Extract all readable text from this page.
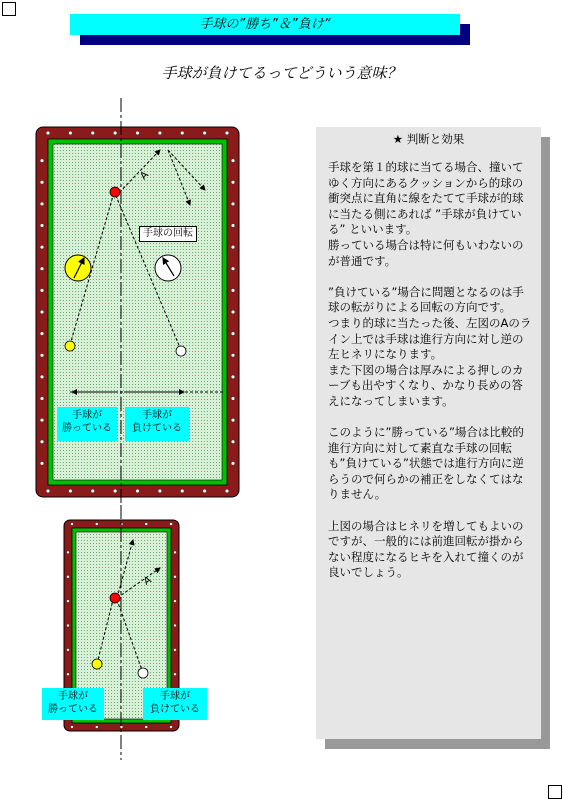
手球の”勝ち”＆”負け”
手球が負けてるってどういう意味？
A
A
手球の回転
手球が
勝っている
手球が
負けている
手球が
勝っている
手球が
負けている
★ 判断と効果
手球を第１的球に当てる場合、撞いてゆく方向にあるクッションから的球の衝突点に直角に線をたてて手球が的球に当たる側にあれば ”手球が負けている” といいます。
勝っている場合は特に何もいわないのが普通です。

”負けている”場合に問題となるのは手球の転がりによる回転の方向です。
つまり的球に当たった後、左図のAのライン上では手球は進行方向に対し逆の左ヒネリになります。
また下図の場合は厚みによる押しのカーブも出やすくなり、かなり長めの答えになってしまいます。

このように”勝っている”場合は比較的進行方向に対して素直な手球の回転も”負けている”状態では進行方向に逆らうので何らかの補正をしなくてはなりません。

上図の場合はヒネリを増してもよいのですが、一般的には前進回転が掛からない程度になるヒキを入れて撞くのが良いでしょう。
